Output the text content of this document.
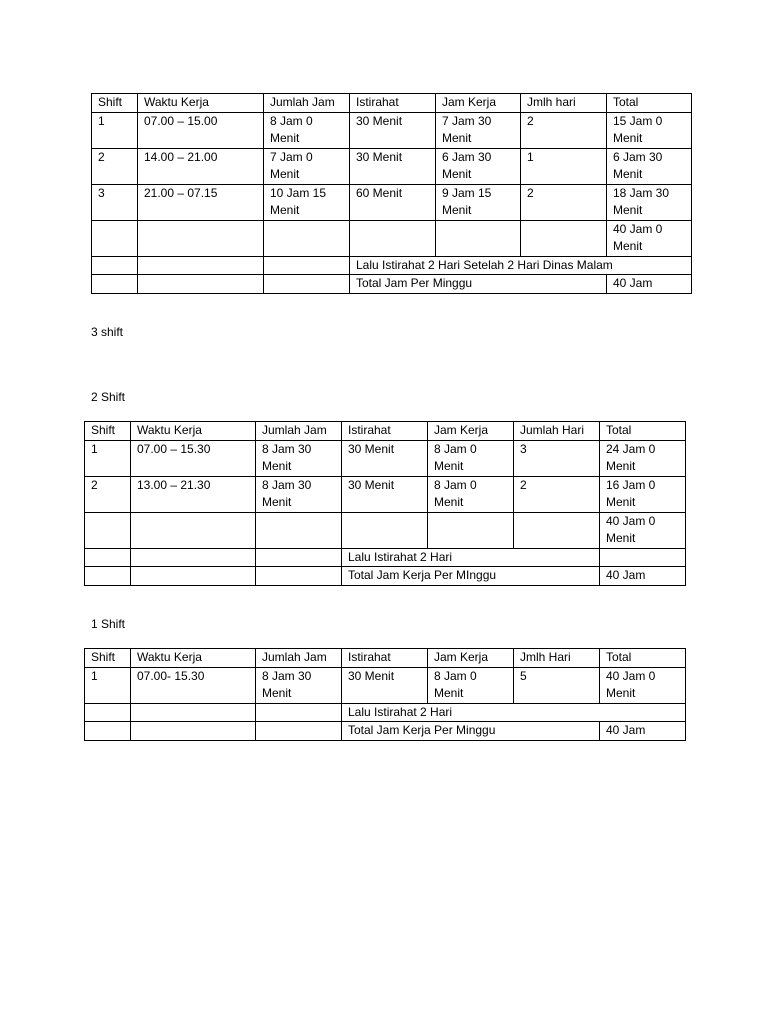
Shift	Waktu Kerja	Jumlah Jam	Istirahat	Jam Kerja	Jmlh hari	Total
1	07.00 – 15.00	8 Jam 0 Menit	30 Menit	7 Jam 30 Menit	2	15 Jam 0 Menit
2	14.00 – 21.00	7 Jam 0 Menit	30 Menit	6 Jam 30 Menit	1	6 Jam 30 Menit
3	21.00 – 07.15	10 Jam 15 Menit	60 Menit	9 Jam 15 Menit	2	18 Jam 30 Menit
						40 Jam 0 Menit
			Lalu Istirahat 2 Hari Setelah 2 Hari Dinas Malam			
			Total Jam Per Minggu			40 Jam

3 shift

2 Shift

Shift	Waktu Kerja	Jumlah Jam	Istirahat	Jam Kerja	Jumlah Hari	Total
1	07.00 – 15.30	8 Jam 30 Menit	30 Menit	8 Jam 0 Menit	3	24 Jam 0 Menit
2	13.00 – 21.30	8 Jam 30 Menit	30 Menit	8 Jam 0 Menit	2	16 Jam 0 Menit
						40 Jam 0 Menit
			Lalu Istirahat 2 Hari			
			Total Jam Kerja Per MInggu			40 Jam

1 Shift

Shift	Waktu Kerja	Jumlah Jam	Istirahat	Jam Kerja	Jmlh Hari	Total
1	07.00- 15.30	8 Jam 30 Menit	30 Menit	8 Jam 0 Menit	5	40 Jam 0 Menit
			Lalu Istirahat 2 Hari			
			Total Jam Kerja Per Minggu			40 Jam
